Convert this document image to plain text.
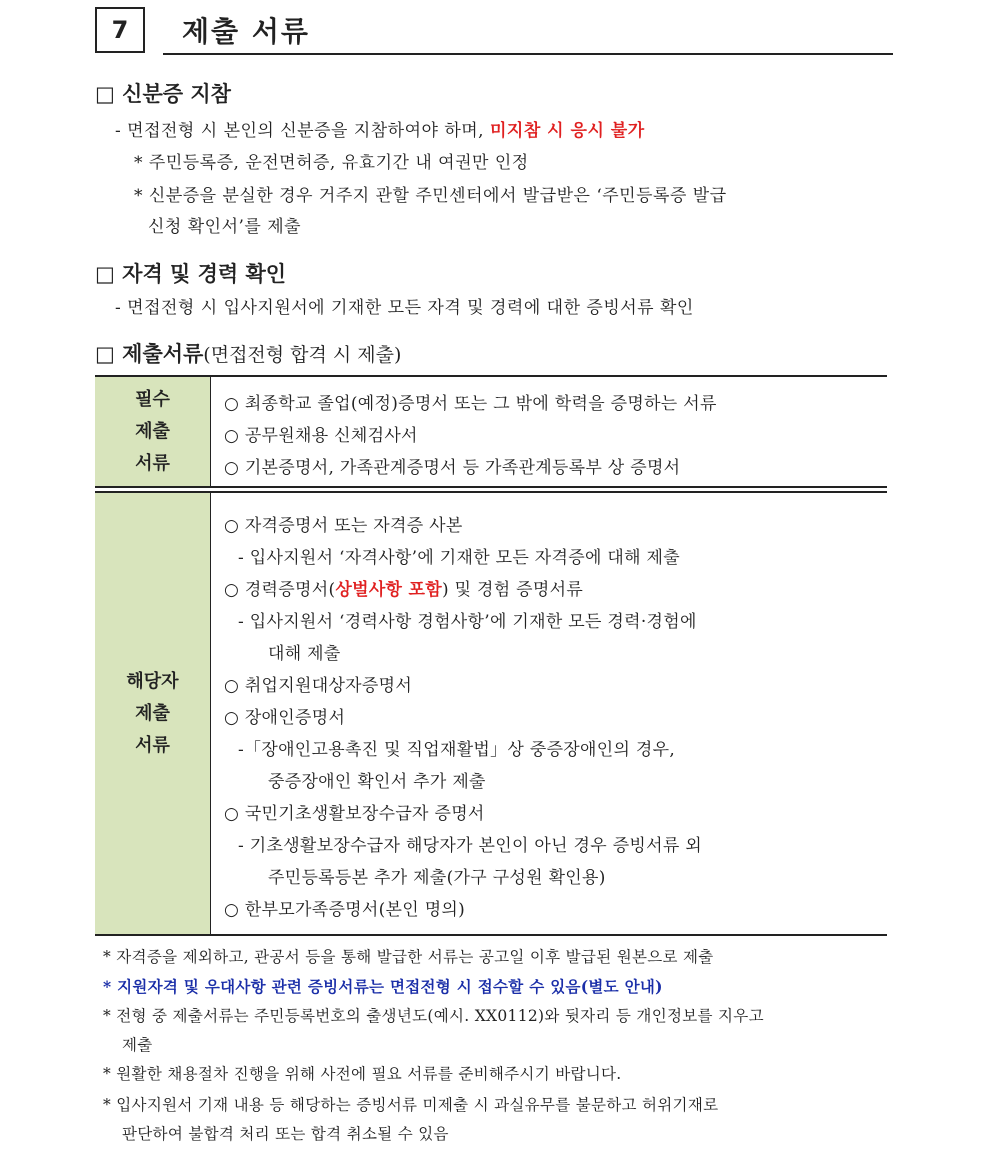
7	제출 서류
□ 신분증 지참
- 면접전형 시 본인의 신분증을 지참하여야 하며, 미지참 시 응시 불가
* 주민등록증, 운전면허증, 유효기간 내 여권만 인정
* 신분증을 분실한 경우 거주지 관할 주민센터에서 발급받은 ‘주민등록증 발급
신청 확인서’를 제출
□ 자격 및 경력 확인
- 면접전형 시 입사지원서에 기재한 모든 자격 및 경력에 대한 증빙서류 확인
□ 제출서류(면접전형 합격 시 제출)
필수
제출
서류
○ 최종학교 졸업(예정)증명서 또는 그 밖에 학력을 증명하는 서류
○ 공무원채용 신체검사서
○ 기본증명서, 가족관계증명서 등 가족관계등록부 상 증명서
해당자
제출
서류
○ 자격증명서 또는 자격증 사본
- 입사지원서 ‘자격사항’에 기재한 모든 자격증에 대해 제출
○ 경력증명서(상벌사항 포함) 및 경험 증명서류
- 입사지원서 ‘경력사항 경험사항’에 기재한 모든 경력·경험에
대해 제출
○ 취업지원대상자증명서
○ 장애인증명서
-「장애인고용촉진 및 직업재활법」상 중증장애인의 경우,
중증장애인 확인서 추가 제출
○ 국민기초생활보장수급자 증명서
- 기초생활보장수급자 해당자가 본인이 아닌 경우 증빙서류 외
주민등록등본 추가 제출(가구 구성원 확인용)
○ 한부모가족증명서(본인 명의)
* 자격증을 제외하고, 관공서 등을 통해 발급한 서류는 공고일 이후 발급된 원본으로 제출
* 지원자격 및 우대사항 관련 증빙서류는 면접전형 시 접수할 수 있음(별도 안내)
* 전형 중 제출서류는 주민등록번호의 출생년도(예시. XX0112)와 뒷자리 등 개인정보를 지우고
제출
* 원활한 채용절차 진행을 위해 사전에 필요 서류를 준비해주시기 바랍니다.
* 입사지원서 기재 내용 등 해당하는 증빙서류 미제출 시 과실유무를 불문하고 허위기재로
판단하여 불합격 처리 또는 합격 취소될 수 있음
